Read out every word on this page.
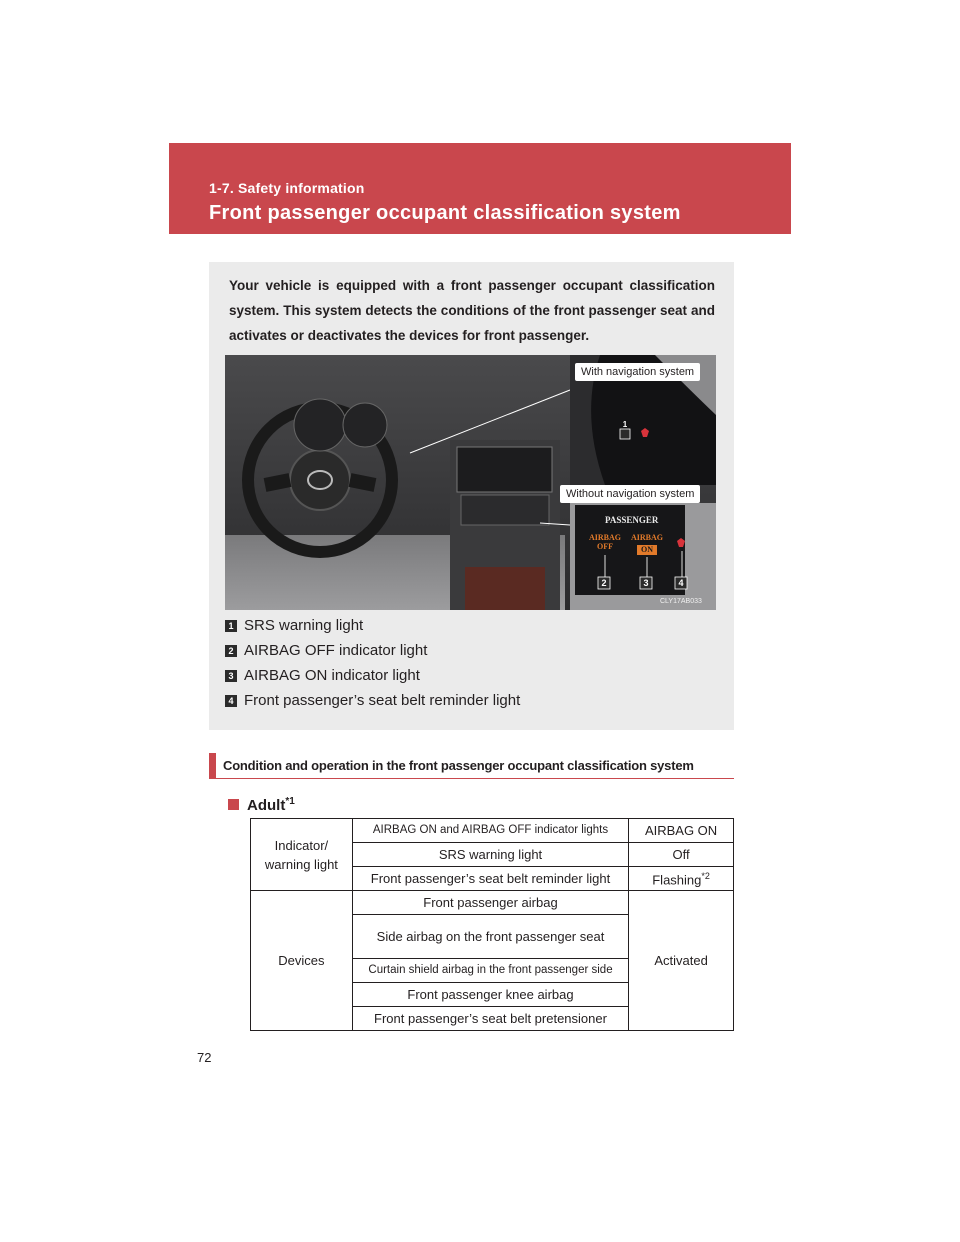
1-7. Safety information
Front passenger occupant classification system
Your vehicle is equipped with a front passenger occupant classification system. This system detects the conditions of the front passenger seat and activates or deactivates the devices for front passenger.
With navigation system
Without navigation system
1
PASSENGER
AIRBAG OFF
AIRBAG
ON
2	3	4
CLY17AB033
1 SRS warning light
2 AIRBAG OFF indicator light
3 AIRBAG ON indicator light
4 Front passenger’s seat belt reminder light
Condition and operation in the front passenger occupant classification system
Adult$^{*1}$
Indicator/ warning light	AIRBAG ON and AIRBAG OFF indicator lights	AIRBAG ON
	SRS warning light	Off
	Front passenger’s seat belt reminder light	Flashing$^{*2}$
Devices	Front passenger airbag	Activated
	Side airbag on the front passenger seat	
	Curtain shield airbag in the front passenger side	
	Front passenger knee airbag	
	Front passenger’s seat belt pretensioner	
72
